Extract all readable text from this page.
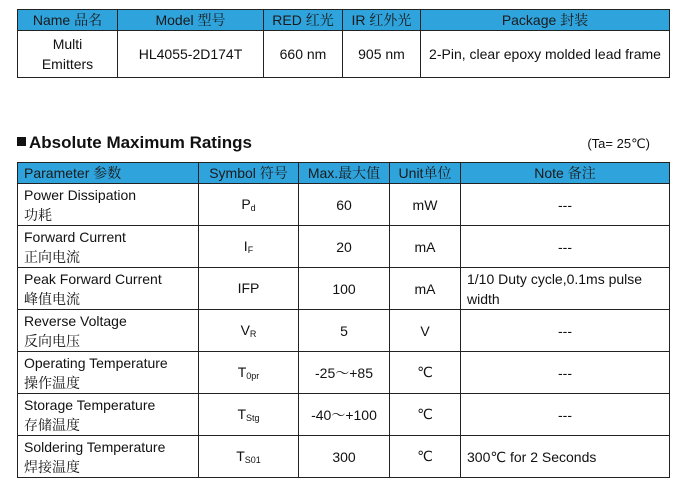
Name 品名	Model 型号	RED 红光	IR 红外光	Package 封装

Multi
Emitters	HL4055-2D174T	660 nm	905 nm	2-Pin, clear epoxy molded lead frame
Absolute Maximum Ratings	(Ta= 25℃)
Parameter 参数	Symbol 符号	Max.最大值	Unit单位	Note 备注

Power Dissipation
功耗	$P_d$	60	mW	---

Forward Current
正向电流	$I_F$	20	mA	---

Peak Forward Current
峰值电流	IFP	100	mA	1/10 Duty cycle,0.1ms pulse width

Reverse Voltage
反向电压	$V_R$	5	V	---

Operating Temperature
操作温度	$T_{0pr}$	-25～+85	℃	---

Storage Temperature
存储温度	$T_{Stg}$	-40～+100	℃	---

Soldering Temperature
焊接温度	$T_{S01}$	300	℃	300℃ for 2 Seconds
